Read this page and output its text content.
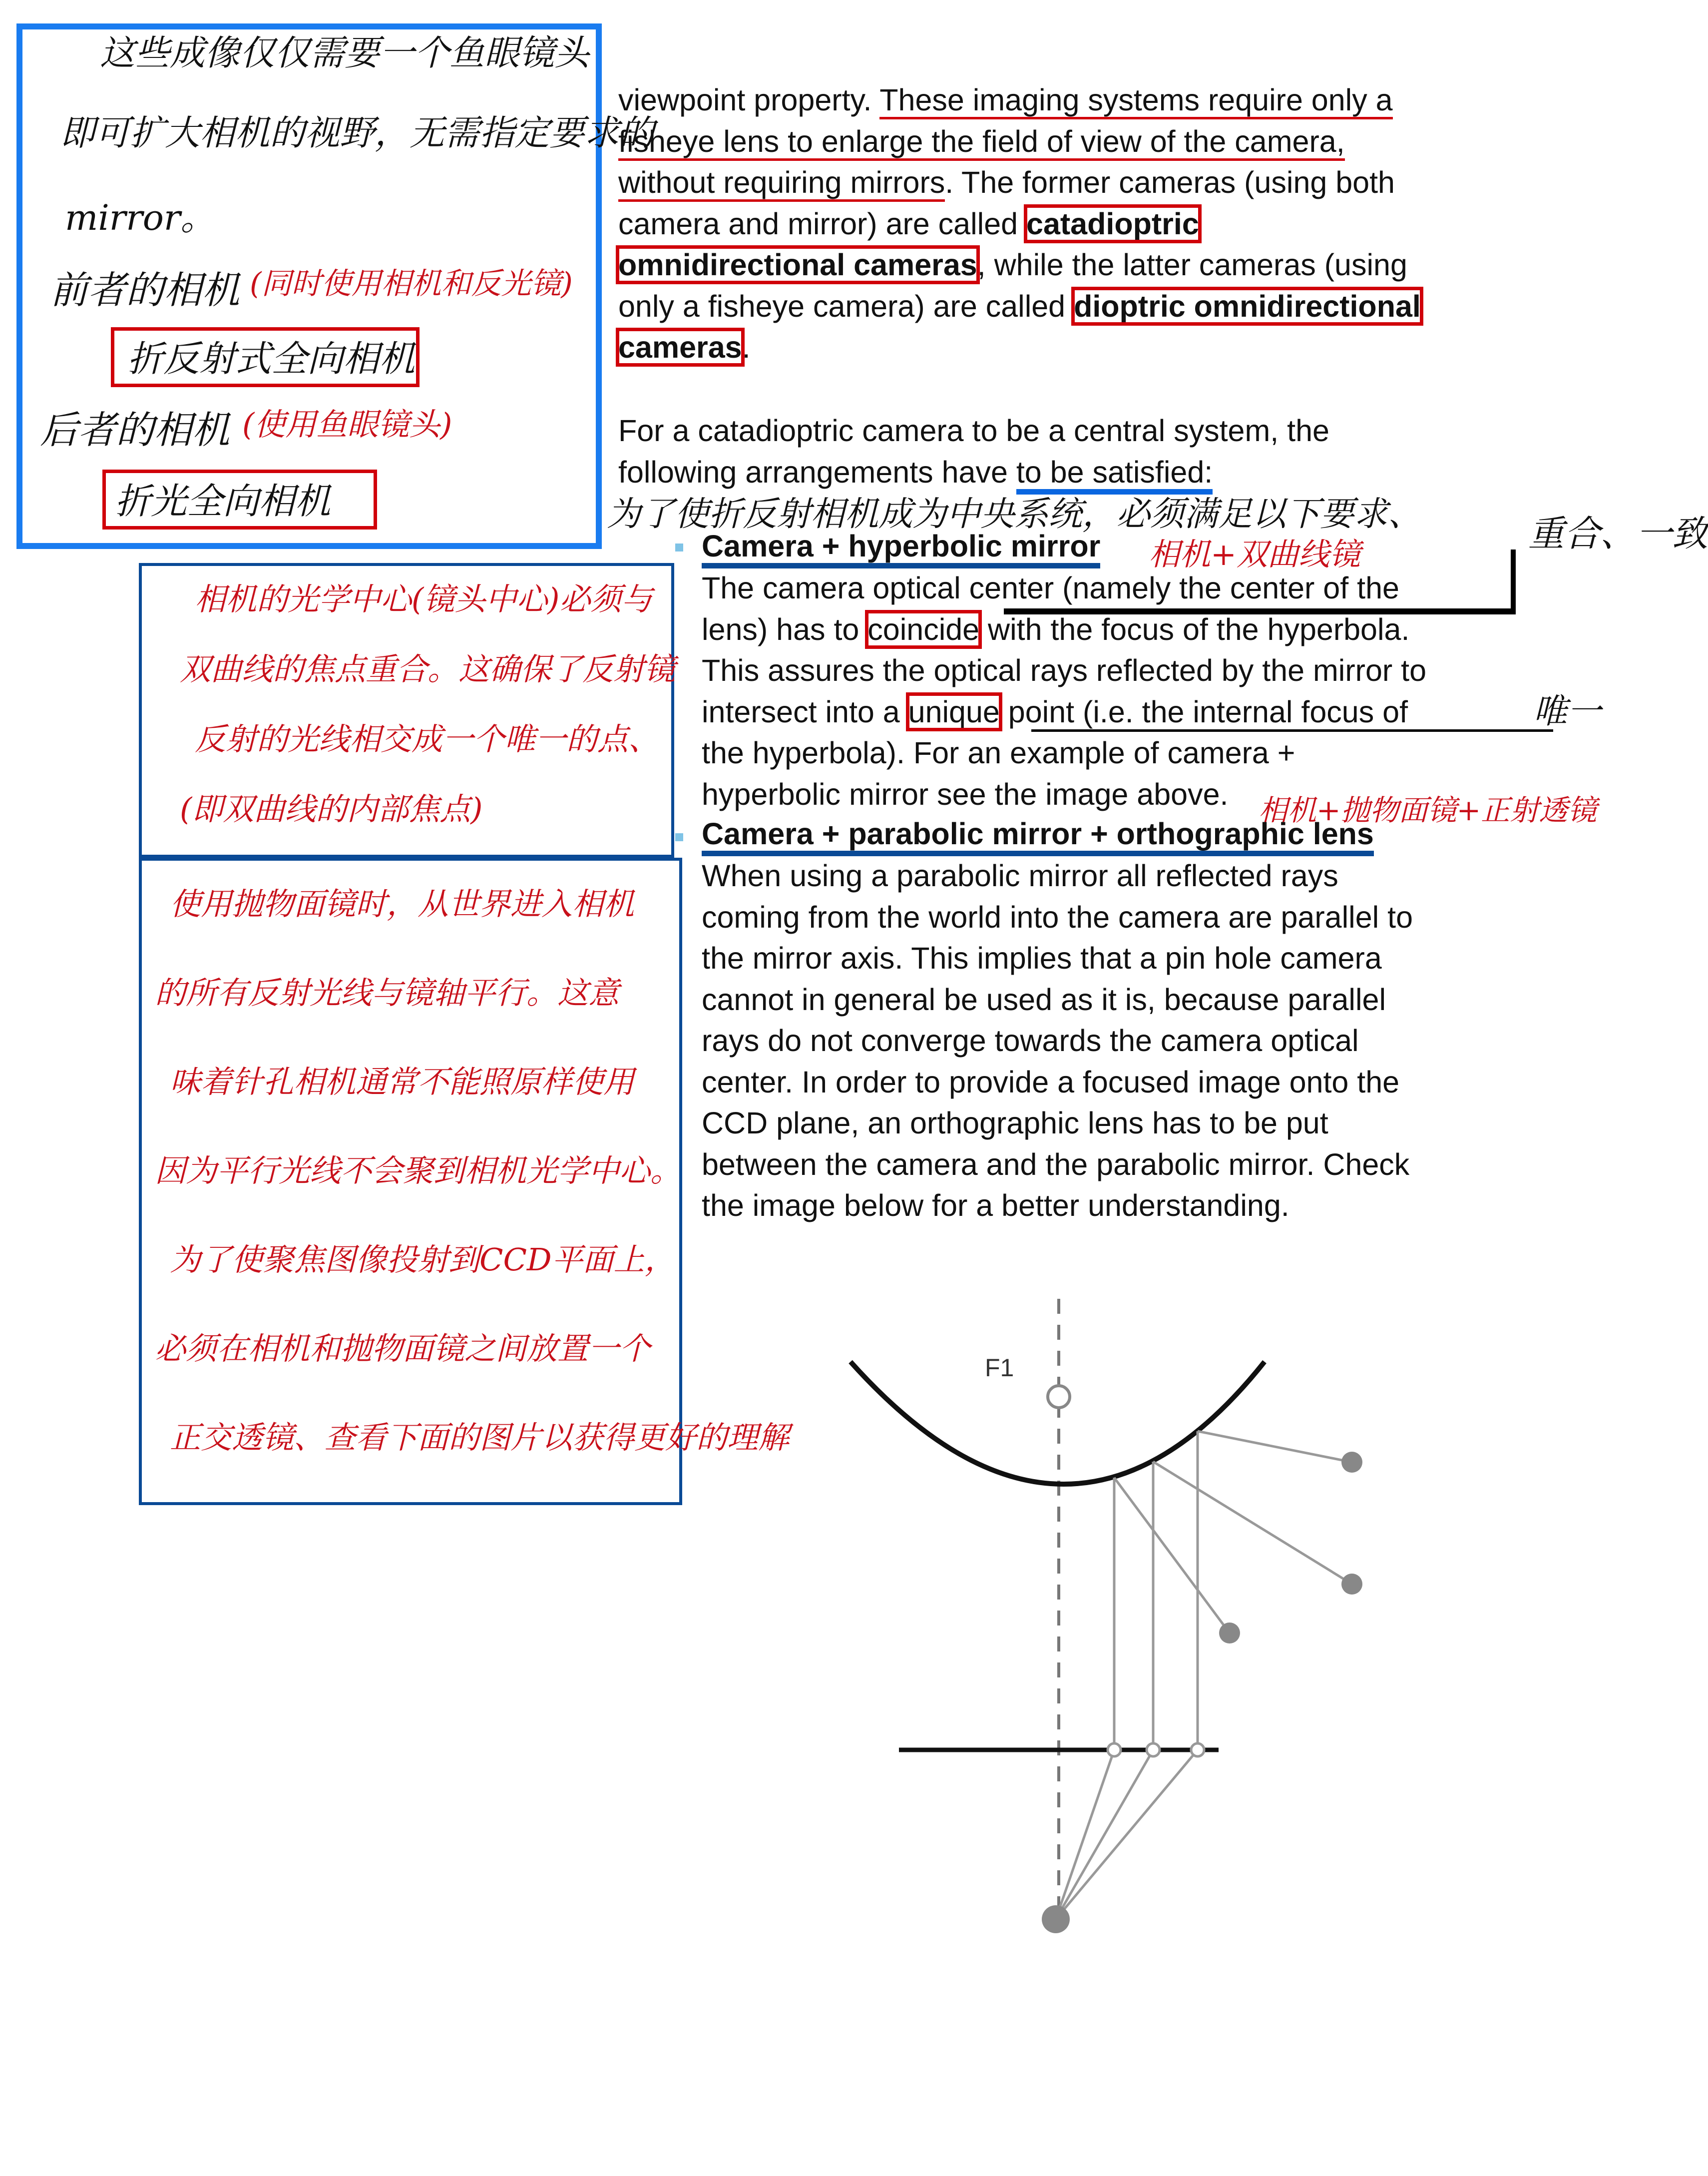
这些成像仅仅需要一个鱼眼镜头
即可扩大相机的视野，无需指定要求的
mirror。
前者的相机 (同时使用相机和反光镜)
折反射式全向相机
后者的相机 (使用鱼眼镜头)
折光全向相机
viewpoint property. These imaging systems require only a
fisheye lens to enlarge the field of view of the camera,
without requiring mirrors. The former cameras (using both
camera and mirror) are called catadioptric
omnidirectional cameras, while the latter cameras (using
only a fisheye camera) are called dioptric omnidirectional
cameras.
For a catadioptric camera to be a central system, the
following arrangements have to be satisfied:
为了使折反射相机成为中央系统，必须满足以下要求、
Camera + hyperbolic mirror 相机+双曲线镜
The camera optical center (namely the center of the
lens) has to coincide with the focus of the hyperbola.
This assures the optical rays reflected by the mirror to
intersect into a unique point (i.e. the internal focus of
the hyperbola). For an example of camera +
hyperbolic mirror see the image above.
重合、一致
唯一
相机+抛物面镜+正射透镜
Camera + parabolic mirror + orthographic lens
When using a parabolic mirror all reflected rays
coming from the world into the camera are parallel to
the mirror axis. This implies that a pin hole camera
cannot in general be used as it is, because parallel
rays do not converge towards the camera optical
center. In order to provide a focused image onto the
CCD plane, an orthographic lens has to be put
between the camera and the parabolic mirror. Check
the image below for a better understanding.
相机的光学中心(镜头中心)必须与
双曲线的焦点重合。这确保了反射镜
反射的光线相交成一个唯一的点、
(即双曲线的内部焦点)
使用抛物面镜时，从世界进入相机
的所有反射光线与镜轴平行。这意
味着针孔相机通常不能照原样使用
因为平行光线不会聚到相机光学中心。
为了使聚焦图像投射到CCD平面上，
必须在相机和抛物面镜之间放置一个
正交透镜、查看下面的图片以获得更好的理解
F1
